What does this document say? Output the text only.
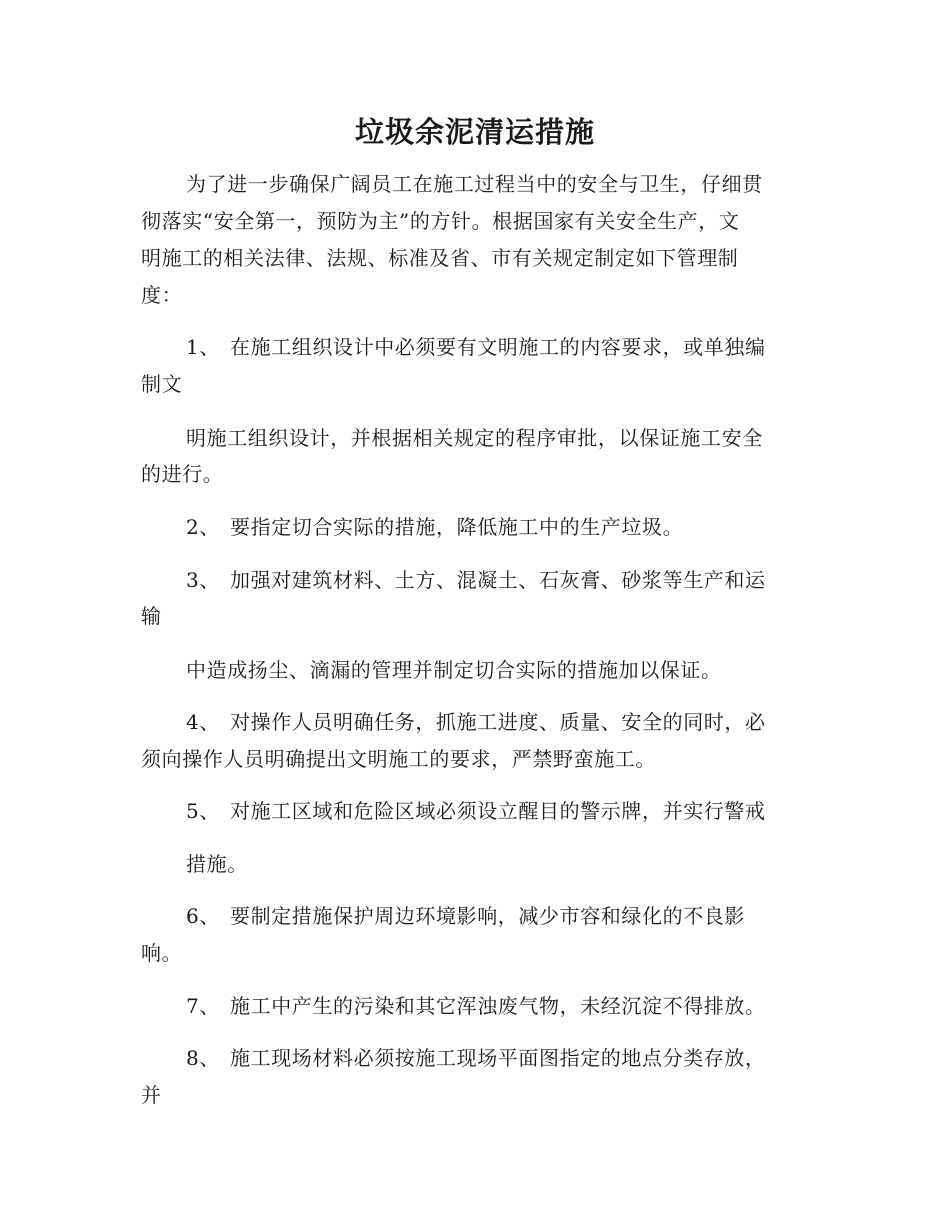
垃圾余泥清运措施
为了进一步确保广阔员工在施工过程当中的安全与卫生，仔细贯
彻落实“安全第一，预防为主”的方针。根据国家有关安全生产，文
明施工的相关法律、法规、标准及省、市有关规定制定如下管理制
度：
1、 在施工组织设计中必须要有文明施工的内容要求，或单独编
制文
明施工组织设计，并根据相关规定的程序审批，以保证施工安全
的进行。
2、 要指定切合实际的措施，降低施工中的生产垃圾。
3、 加强对建筑材料、土方、混凝土、石灰膏、砂浆等生产和运
输
中造成扬尘、滴漏的管理并制定切合实际的措施加以保证。
4、 对操作人员明确任务，抓施工进度、质量、安全的同时，必
须向操作人员明确提出文明施工的要求，严禁野蛮施工。
5、 对施工区域和危险区域必须设立醒目的警示牌，并实行警戒
措施。
6、 要制定措施保护周边环境影响，减少市容和绿化的不良影
响。
7、 施工中产生的污染和其它浑浊废气物，未经沉淀不得排放。
8、 施工现场材料必须按施工现场平面图指定的地点分类存放，
并
